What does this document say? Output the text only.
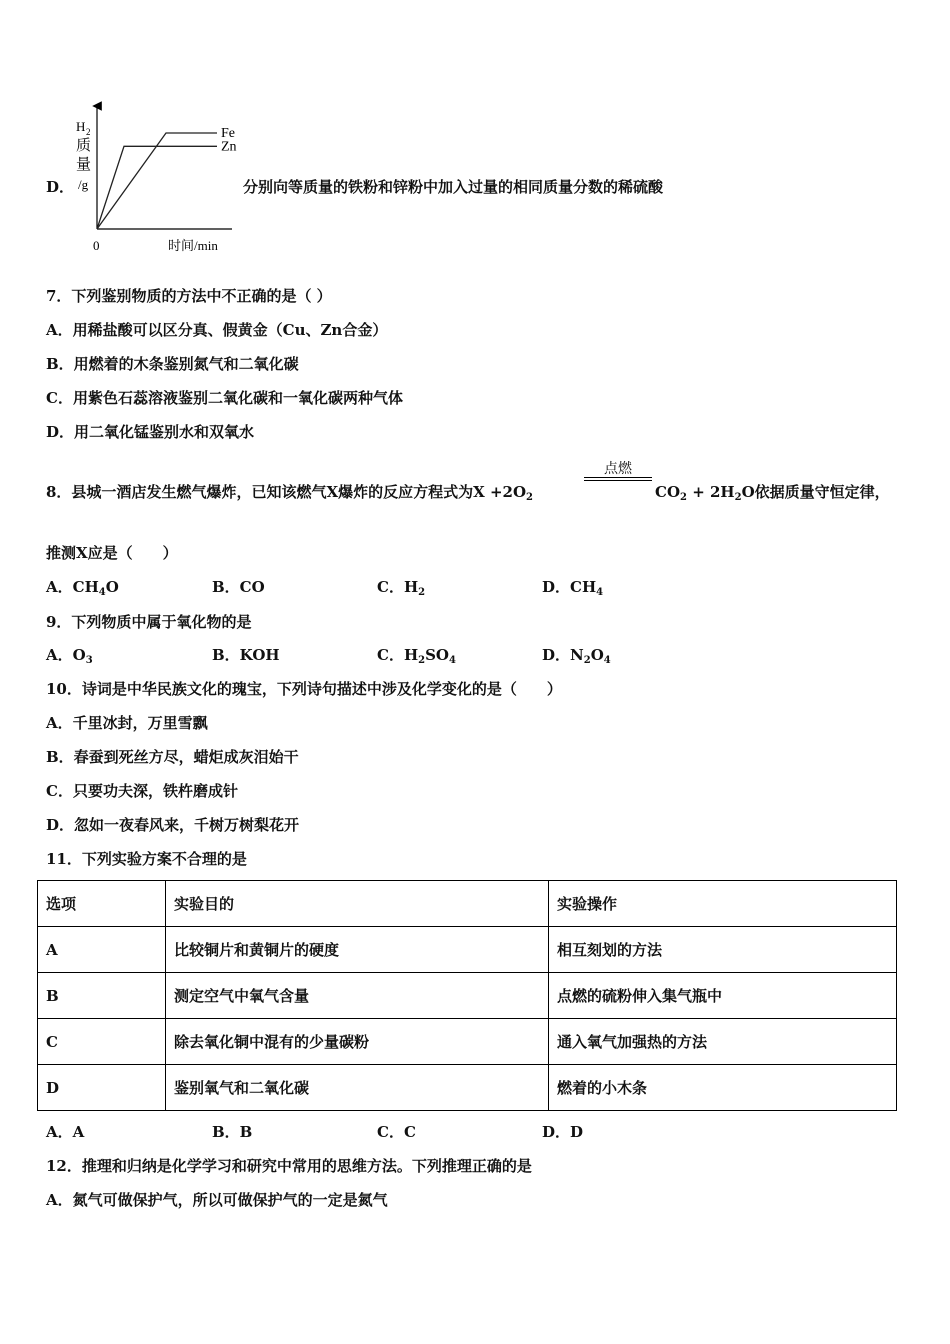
D．
H 2
质
量
/g
0	时间/min
Fe
Zn
分别向等质量的铁粉和锌粉中加入过量的相同质量分数的稀硫酸
7．下列鉴别物质的方法中不正确的是（ ）
A．用稀盐酸可以区分真、假黄金（Cu、Zn合金）
B．用燃着的木条鉴别氮气和二氧化碳
C．用紫色石蕊溶液鉴别二氧化碳和一氧化碳两种气体
D．用二氧化锰鉴别水和双氧水
8．县城一酒店发生燃气爆炸，已知该燃气X爆炸的反应方程式为$X +2O_2$
点燃
$CO_2 + 2H_2O$依据质量守恒定律，
推测X应是（　　）
A．$CH_4O$	B．CO	C．$H_2$	D．$CH_4$
9．下列物质中属于氧化物的是
A．$O_3$	B．KOH	C．$H_2SO_4$	D．$N_2O_4$
10．诗词是中华民族文化的瑰宝，下列诗句描述中涉及化学变化的是（　　）
A．千里冰封，万里雪飘
B．春蚕到死丝方尽，蜡炬成灰泪始干
C．只要功夫深，铁杵磨成针
D．忽如一夜春风来，千树万树梨花开
11．下列实验方案不合理的是
选项	实验目的	实验操作
A	比较铜片和黄铜片的硬度	相互刻划的方法
B	测定空气中氧气含量	点燃的硫粉伸入集气瓶中
C	除去氧化铜中混有的少量碳粉	通入氧气加强热的方法
D	鉴别氧气和二氧化碳	燃着的小木条
A．A	B．B	C．C	D．D
12．推理和归纳是化学学习和研究中常用的思维方法。下列推理正确的是
A．氮气可做保护气，所以可做保护气的一定是氮气
